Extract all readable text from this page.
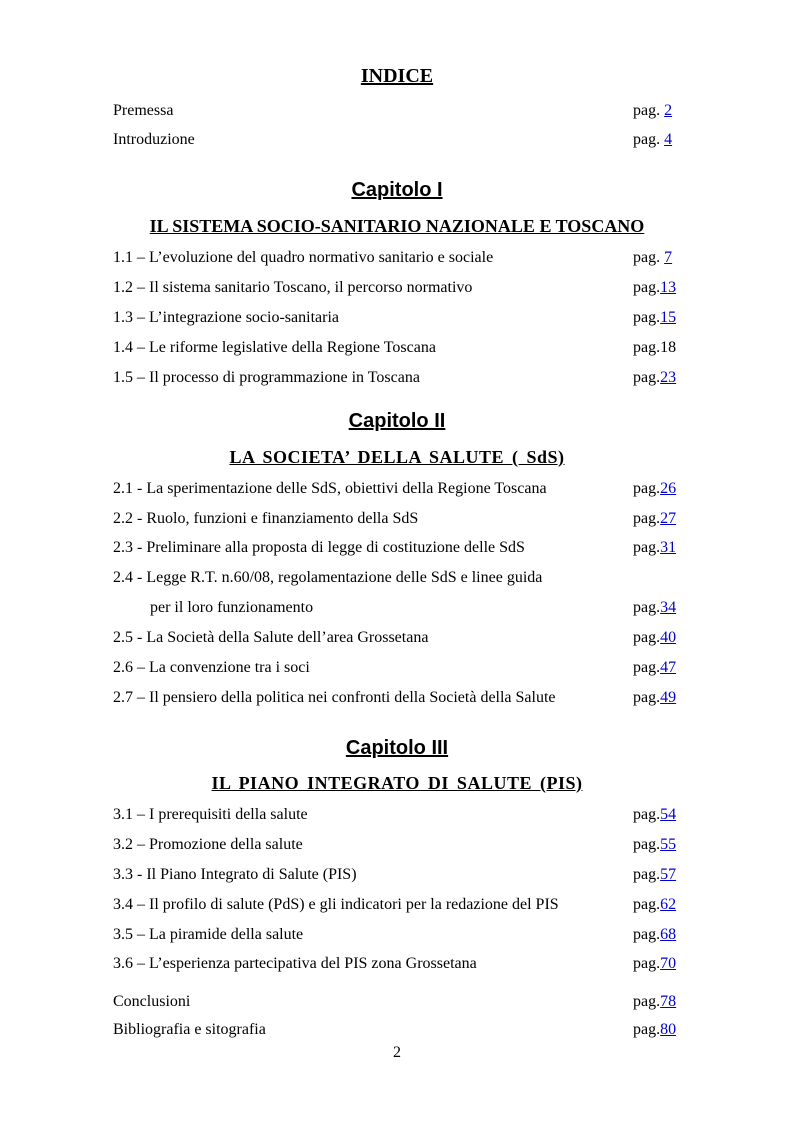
INDICE
Premessa	pag. 2
Introduzione	pag. 4
Capitolo I
IL SISTEMA SOCIO-SANITARIO NAZIONALE E TOSCANO
1.1 – L’evoluzione del quadro normativo sanitario e sociale	pag. 7
1.2 – Il sistema sanitario Toscano, il percorso normativo	pag.13
1.3 – L’integrazione socio-sanitaria	pag.15
1.4 – Le riforme legislative della Regione Toscana	pag.18
1.5 – Il processo di programmazione in Toscana	pag.23
Capitolo II
LA SOCIETA’ DELLA SALUTE ( SdS)
2.1 - La sperimentazione delle SdS, obiettivi della Regione Toscana	pag.26
2.2 - Ruolo, funzioni e finanziamento della SdS	pag.27
2.3 - Preliminare alla proposta di legge di costituzione delle SdS	pag.31
2.4 - Legge R.T. n.60/08, regolamentazione delle SdS e linee guida
per il loro funzionamento	pag.34
2.5 - La Società della Salute dell’area Grossetana	pag.40
2.6 – La convenzione tra i soci	pag.47
2.7 – Il pensiero della politica nei confronti della Società della Salute	pag.49
Capitolo III
IL PIANO INTEGRATO DI SALUTE (PIS)
3.1 – I prerequisiti della salute	pag.54
3.2 – Promozione della salute	pag.55
3.3 - Il Piano Integrato di Salute (PIS)	pag.57
3.4 – Il profilo di salute (PdS) e gli indicatori per la redazione del PIS	pag.62
3.5 – La piramide della salute	pag.68
3.6 – L’esperienza partecipativa del PIS zona Grossetana	pag.70
Conclusioni	pag.78
Bibliografia e sitografia	pag.80
2
